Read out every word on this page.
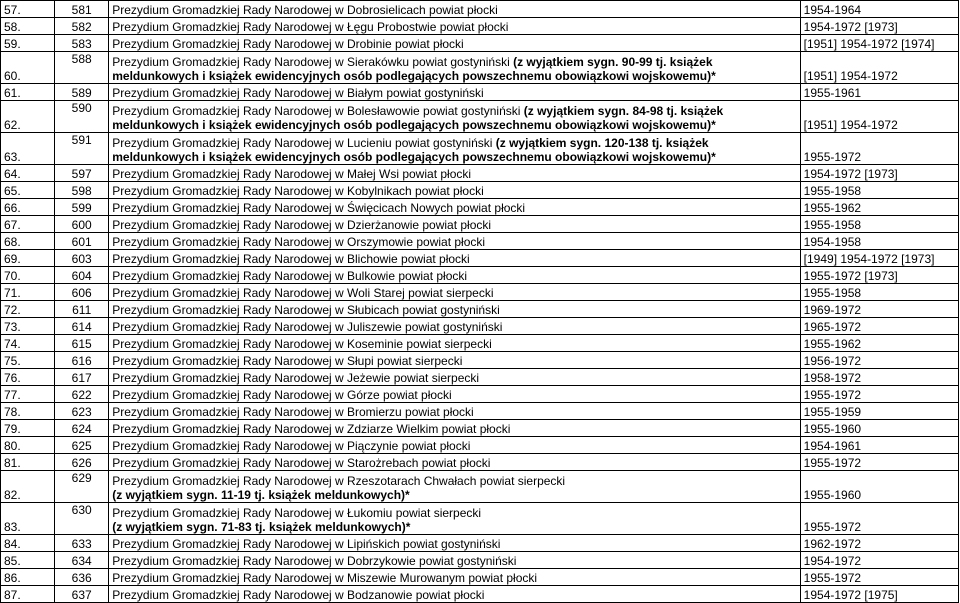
57.	581	Prezydium Gromadzkiej Rady Narodowej w Dobrosielicach powiat płocki	1954-1964
58.	582	Prezydium Gromadzkiej Rady Narodowej w Łęgu Probostwie powiat płocki	1954-1972 [1973]
59.	583	Prezydium Gromadzkiej Rady Narodowej w Drobinie powiat płocki	[1951] 1954-1972 [1974]
60.	588	Prezydium Gromadzkiej Rady Narodowej w Sierakówku powiat gostyniński (z wyjątkiem sygn. 90-99 tj. książek
meldunkowych i książek ewidencyjnych osób podlegających powszechnemu obowiązkowi wojskowemu)*	[1951] 1954-1972
61.	589	Prezydium Gromadzkiej Rady Narodowej w Białym powiat gostyniński	1955-1961
62.	590	Prezydium Gromadzkiej Rady Narodowej w Bolesławowie powiat gostyniński (z wyjątkiem sygn. 84-98 tj. książek
meldunkowych i książek ewidencyjnych osób podlegających powszechnemu obowiązkowi wojskowemu)*	[1951] 1954-1972
63.	591	Prezydium Gromadzkiej Rady Narodowej w Lucieniu powiat gostyniński (z wyjątkiem sygn. 120-138 tj. książek
meldunkowych i książek ewidencyjnych osób podlegających powszechnemu obowiązkowi wojskowemu)*	1955-1972
64.	597	Prezydium Gromadzkiej Rady Narodowej w Małej Wsi powiat płocki	1954-1972 [1973]
65.	598	Prezydium Gromadzkiej Rady Narodowej w Kobylnikach powiat płocki	1955-1958
66.	599	Prezydium Gromadzkiej Rady Narodowej w Święcicach Nowych powiat płocki	1955-1962
67.	600	Prezydium Gromadzkiej Rady Narodowej w Dzierżanowie powiat płocki	1955-1958
68.	601	Prezydium Gromadzkiej Rady Narodowej w Orszymowie powiat płocki	1954-1958
69.	603	Prezydium Gromadzkiej Rady Narodowej w Blichowie powiat płocki	[1949] 1954-1972 [1973]
70.	604	Prezydium Gromadzkiej Rady Narodowej w Bulkowie powiat płocki	1955-1972 [1973]
71.	606	Prezydium Gromadzkiej Rady Narodowej w Woli Starej powiat sierpecki	1955-1958
72.	611	Prezydium Gromadzkiej Rady Narodowej w Słubicach powiat gostyniński	1969-1972
73.	614	Prezydium Gromadzkiej Rady Narodowej w Juliszewie powiat gostyniński	1965-1972
74.	615	Prezydium Gromadzkiej Rady Narodowej w Koseminie powiat sierpecki	1955-1962
75.	616	Prezydium Gromadzkiej Rady Narodowej w Słupi powiat sierpecki	1956-1972
76.	617	Prezydium Gromadzkiej Rady Narodowej w Jeżewie powiat sierpecki	1958-1972
77.	622	Prezydium Gromadzkiej Rady Narodowej w Górze powiat płocki	1955-1972
78.	623	Prezydium Gromadzkiej Rady Narodowej w Bromierzu powiat płocki	1955-1959
79.	624	Prezydium Gromadzkiej Rady Narodowej w Zdziarze Wielkim powiat płocki	1955-1960
80.	625	Prezydium Gromadzkiej Rady Narodowej w Piączynie powiat płocki	1954-1961
81.	626	Prezydium Gromadzkiej Rady Narodowej w Starożrebach powiat płocki	1955-1972
82.	629	Prezydium Gromadzkiej Rady Narodowej w Rzeszotarach Chwałach powiat sierpecki
(z wyjątkiem sygn. 11-19 tj. książek meldunkowych)*	1955-1960
83.	630	Prezydium Gromadzkiej Rady Narodowej w Łukomiu powiat sierpecki
(z wyjątkiem sygn. 71-83 tj. książek meldunkowych)*	1955-1972
84.	633	Prezydium Gromadzkiej Rady Narodowej w Lipińskich powiat gostyniński	1962-1972
85.	634	Prezydium Gromadzkiej Rady Narodowej w Dobrzykowie powiat gostyniński	1954-1972
86.	636	Prezydium Gromadzkiej Rady Narodowej w Miszewie Murowanym powiat płocki	1955-1972
87.	637	Prezydium Gromadzkiej Rady Narodowej w Bodzanowie powiat płocki	1954-1972 [1975]
